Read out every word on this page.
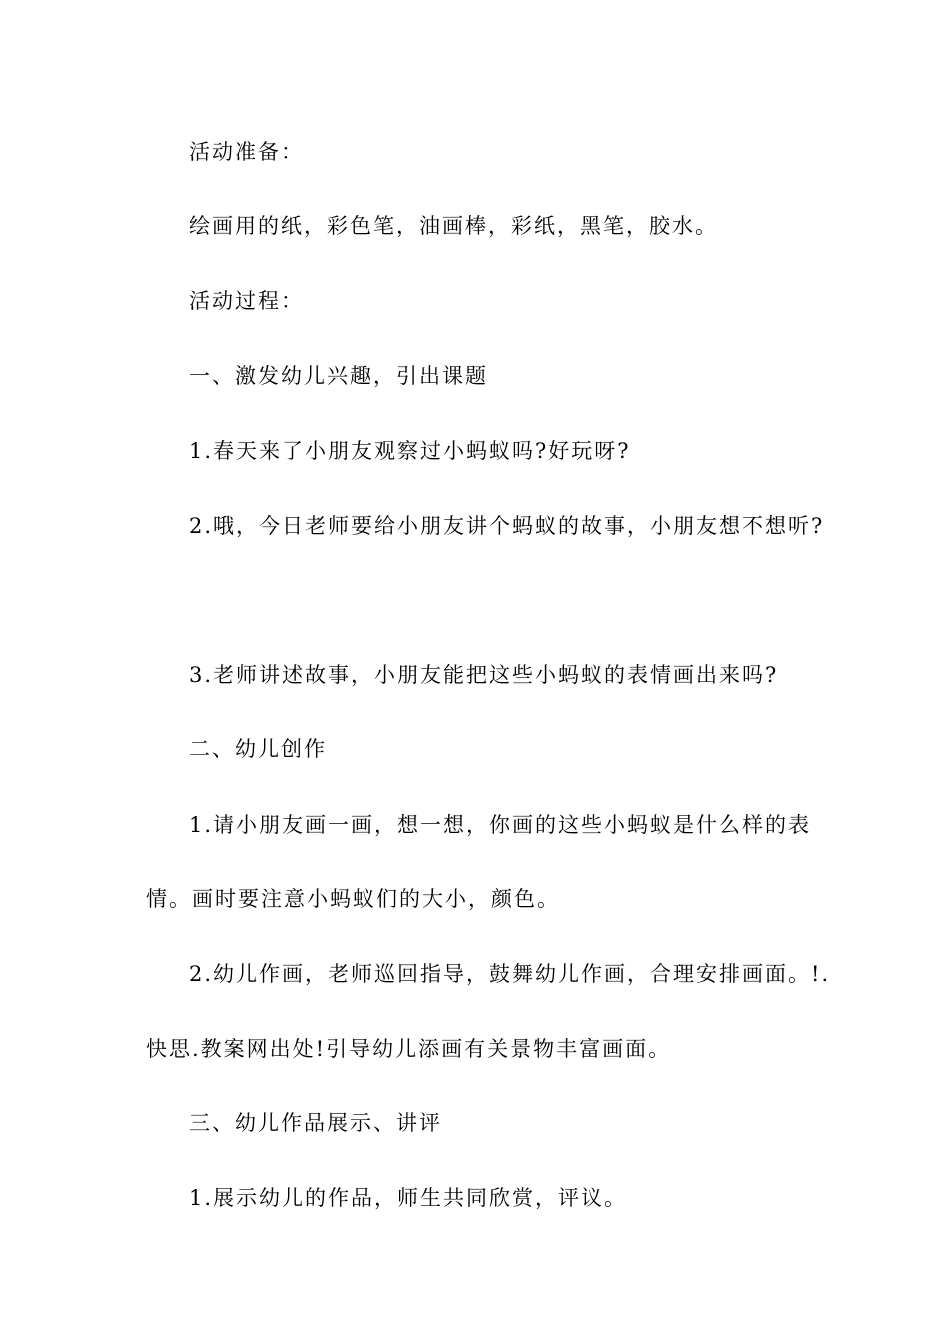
活动准备：
绘画用的纸，彩色笔，油画棒，彩纸，黑笔，胶水。
活动过程：
一、激发幼儿兴趣，引出课题
1.春天来了小朋友观察过小蚂蚁吗?好玩呀?
2.哦，今日老师要给小朋友讲个蚂蚁的故事，小朋友想不想听?
3.老师讲述故事，小朋友能把这些小蚂蚁的表情画出来吗?
二、幼儿创作
1.请小朋友画一画，想一想，你画的这些小蚂蚁是什么样的表
情。画时要注意小蚂蚁们的大小，颜色。
2.幼儿作画，老师巡回指导，鼓舞幼儿作画，合理安排画面。!.
快思.教案网出处!引导幼儿添画有关景物丰富画面。
三、幼儿作品展示、讲评
1.展示幼儿的作品，师生共同欣赏，评议。
